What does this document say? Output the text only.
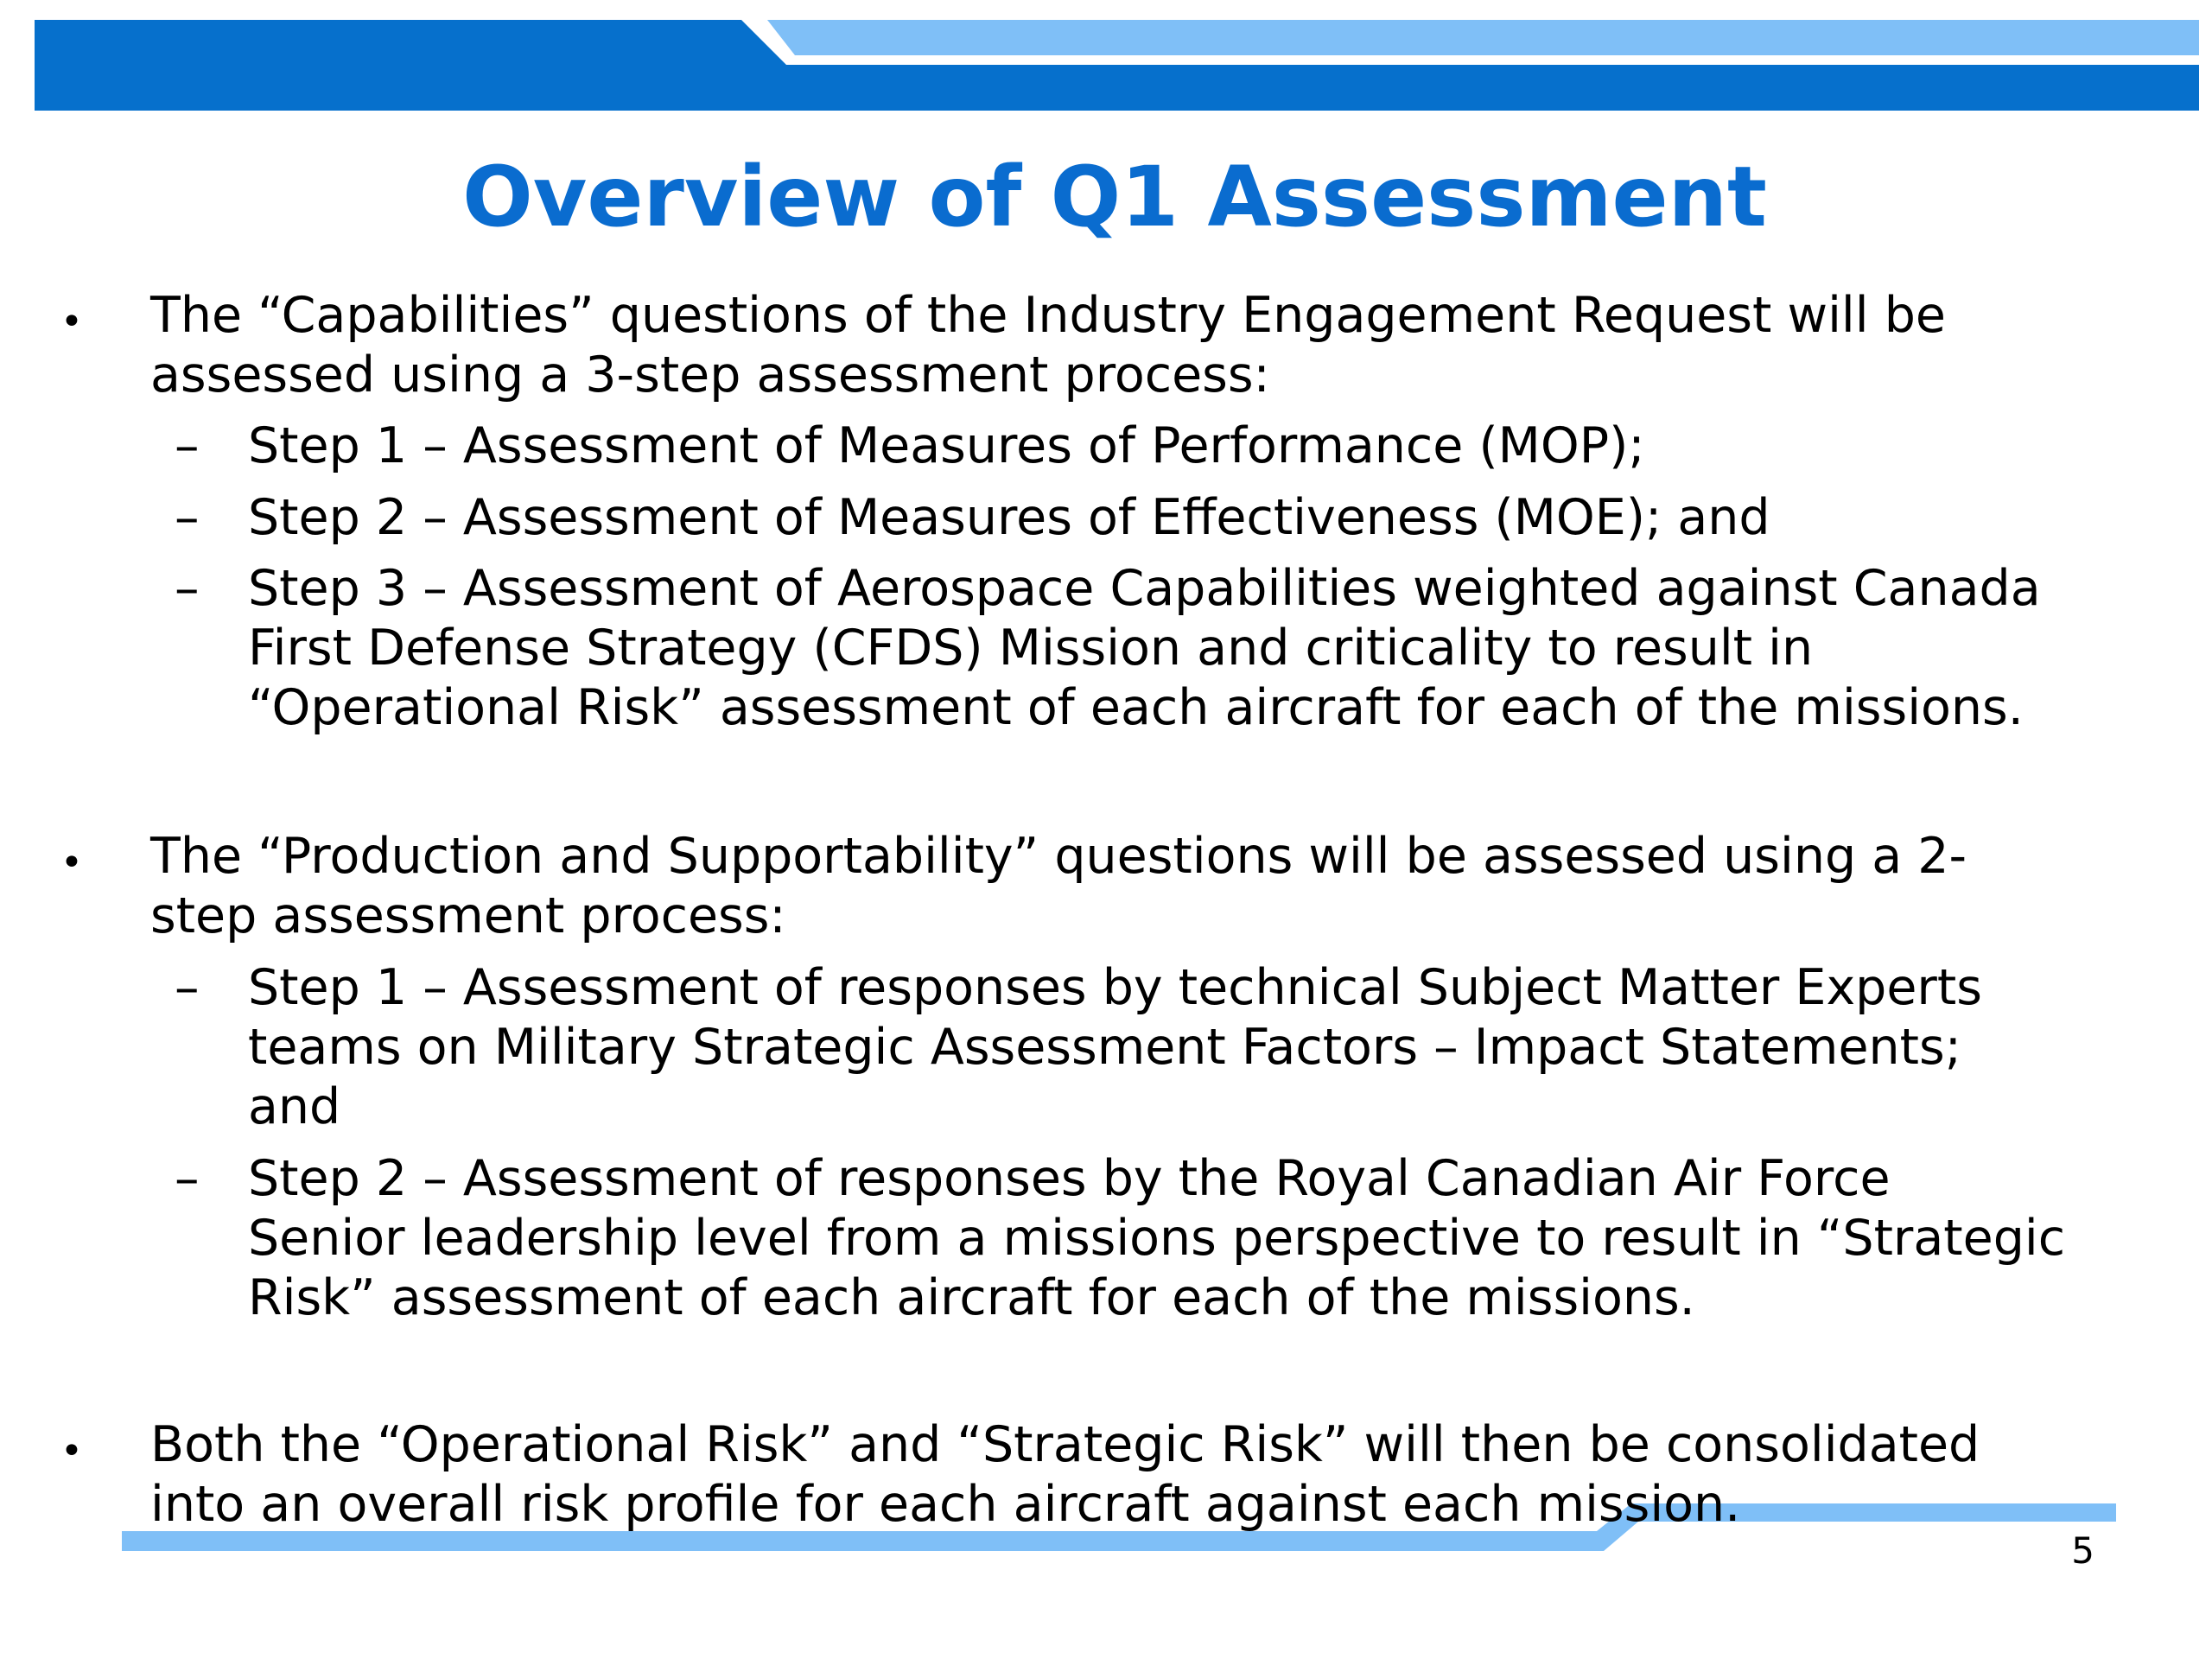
Overview of Q1 Assessment
• The “Capabilities” questions of the Industry Engagement Request will be
assessed using a 3-step assessment process:
– Step 1 – Assessment of Measures of Performance (MOP);
– Step 2 – Assessment of Measures of Effectiveness (MOE); and
– Step 3 – Assessment of Aerospace Capabilities weighted against Canada
First Defense Strategy (CFDS) Mission and criticality to result in
“Operational Risk” assessment of each aircraft for each of the missions.
• The “Production and Supportability” questions will be assessed using a 2-
step assessment process:
– Step 1 – Assessment of responses by technical Subject Matter Experts
teams on Military Strategic Assessment Factors – Impact Statements;
and
– Step 2 – Assessment of responses by the Royal Canadian Air Force
Senior leadership level from a missions perspective to result in “Strategic
Risk” assessment of each aircraft for each of the missions.
• Both the “Operational Risk” and “Strategic Risk” will then be consolidated
into an overall risk profile for each aircraft against each mission.
5
